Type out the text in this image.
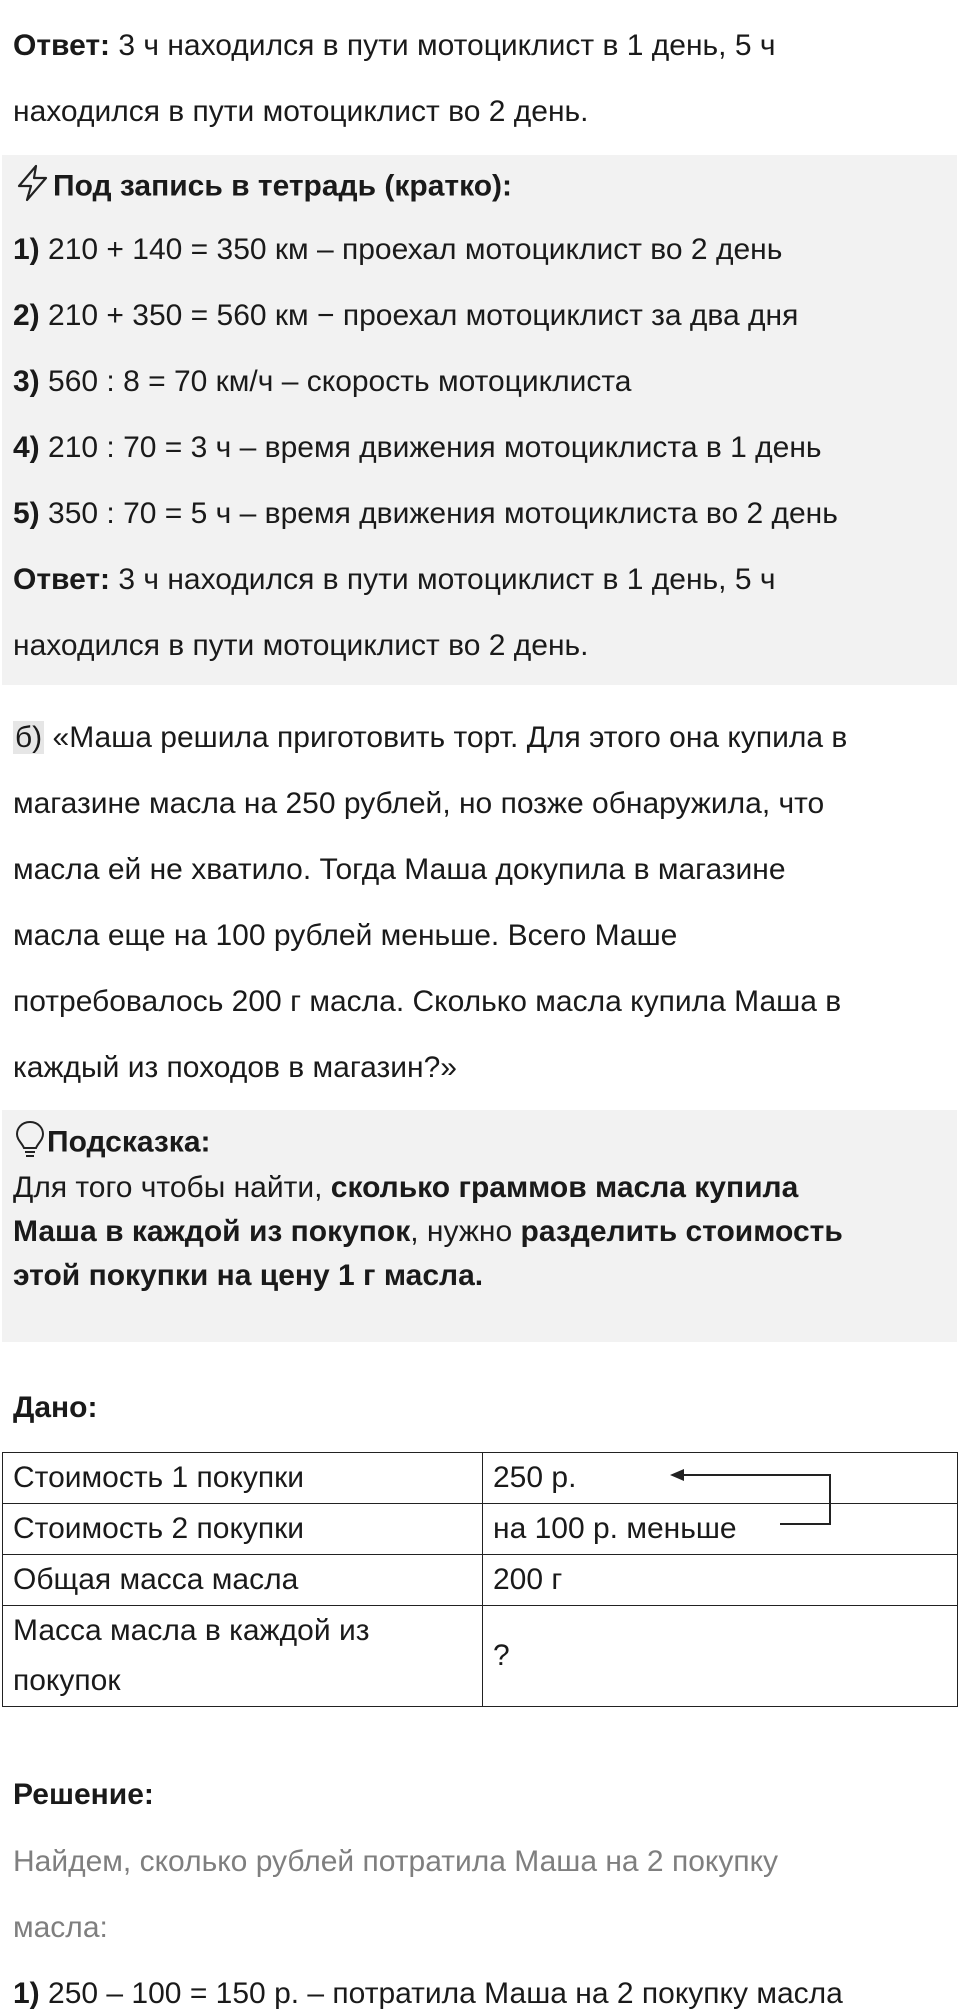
Ответ: 3 ч находился в пути мотоциклист в 1 день, 5 ч
находился в пути мотоциклист во 2 день.
Под запись в тетрадь (кратко):
1) 210 + 140 = 350 км – проехал мотоциклист во 2 день
2) 210 + 350 = 560 км − проехал мотоциклист за два дня
3) 560 : 8 = 70 км/ч – скорость мотоциклиста
4) 210 : 70 = 3 ч – время движения мотоциклиста в 1 день
5) 350 : 70 = 5 ч – время движения мотоциклиста во 2 день
Ответ: 3 ч находился в пути мотоциклист в 1 день, 5 ч
находился в пути мотоциклист во 2 день.
б) «Маша решила приготовить торт. Для этого она купила в
магазине масла на 250 рублей, но позже обнаружила, что
масла ей не хватило. Тогда Маша докупила в магазине
масла еще на 100 рублей меньше. Всего Маше
потребовалось 200 г масла. Сколько масла купила Маша в
каждый из походов в магазин?»
Подсказка:
Для того чтобы найти, сколько граммов масла купила
Маша в каждой из покупок, нужно разделить стоимость
этой покупки на цену 1 г масла.
Дано:
Стоимость 1 покупки	250 р.
Стоимость 2 покупки	на 100 р. меньше
Общая масса масла	200 г

Масса масла в каждой из
покупок	?
Решение:
Найдем, сколько рублей потратила Маша на 2 покупку
масла:
1) 250 – 100 = 150 р. – потратила Маша на 2 покупку масла
